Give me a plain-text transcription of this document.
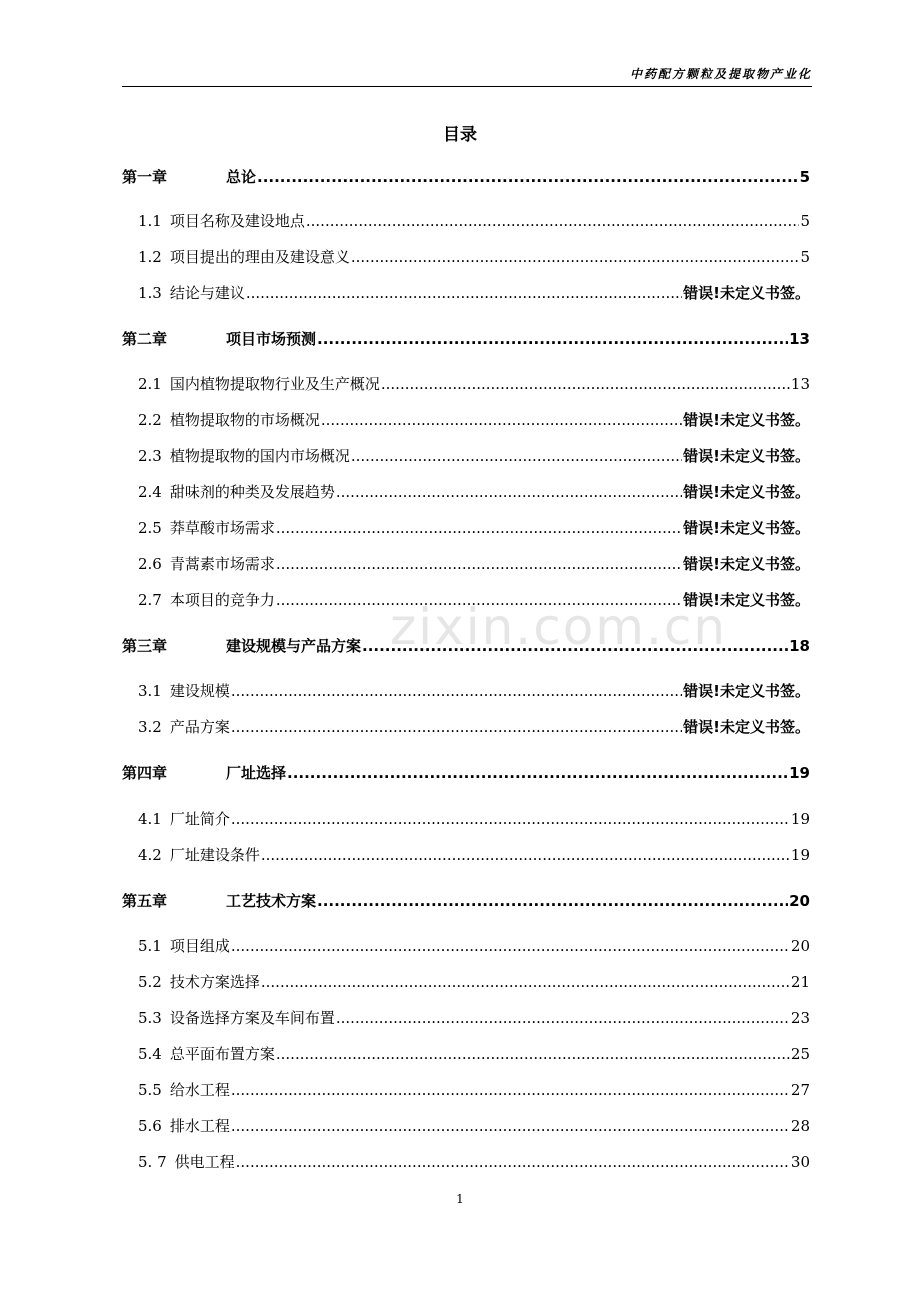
中药配方颗粒及提取物产业化
zixin.com.cn
目录
第一章	总论 .....	5
1.1 项目名称及建设地点 .....	5
1.2 项目提出的理由及建设意义 .....	5
1.3 结论与建议 .....	错误!未定义书签。
第二章	项目市场预测 .....	13
2.1 国内植物提取物行业及生产概况 .....	13
2.2 植物提取物的市场概况 .....	错误!未定义书签。
2.3 植物提取物的国内市场概况 .....	错误!未定义书签。
2.4 甜味剂的种类及发展趋势 .....	错误!未定义书签。
2.5 莽草酸市场需求 .....	错误!未定义书签。
2.6 青蒿素市场需求 .....	错误!未定义书签。
2.7 本项目的竞争力 .....	错误!未定义书签。
第三章	建设规模与产品方案 .....	18
3.1 建设规模 .....	错误!未定义书签。
3.2 产品方案 .....	错误!未定义书签。
第四章	厂址选择 .....	19
4.1 厂址简介 .....	19
4.2 厂址建设条件 .....	19
第五章	工艺技术方案 .....	20
5.1 项目组成 .....	20
5.2 技术方案选择 .....	21
5.3 设备选择方案及车间布置 .....	23
5.4 总平面布置方案 .....	25
5.5 给水工程 .....	27
5.6 排水工程 .....	28
5. 7 供电工程 .....	30
1
